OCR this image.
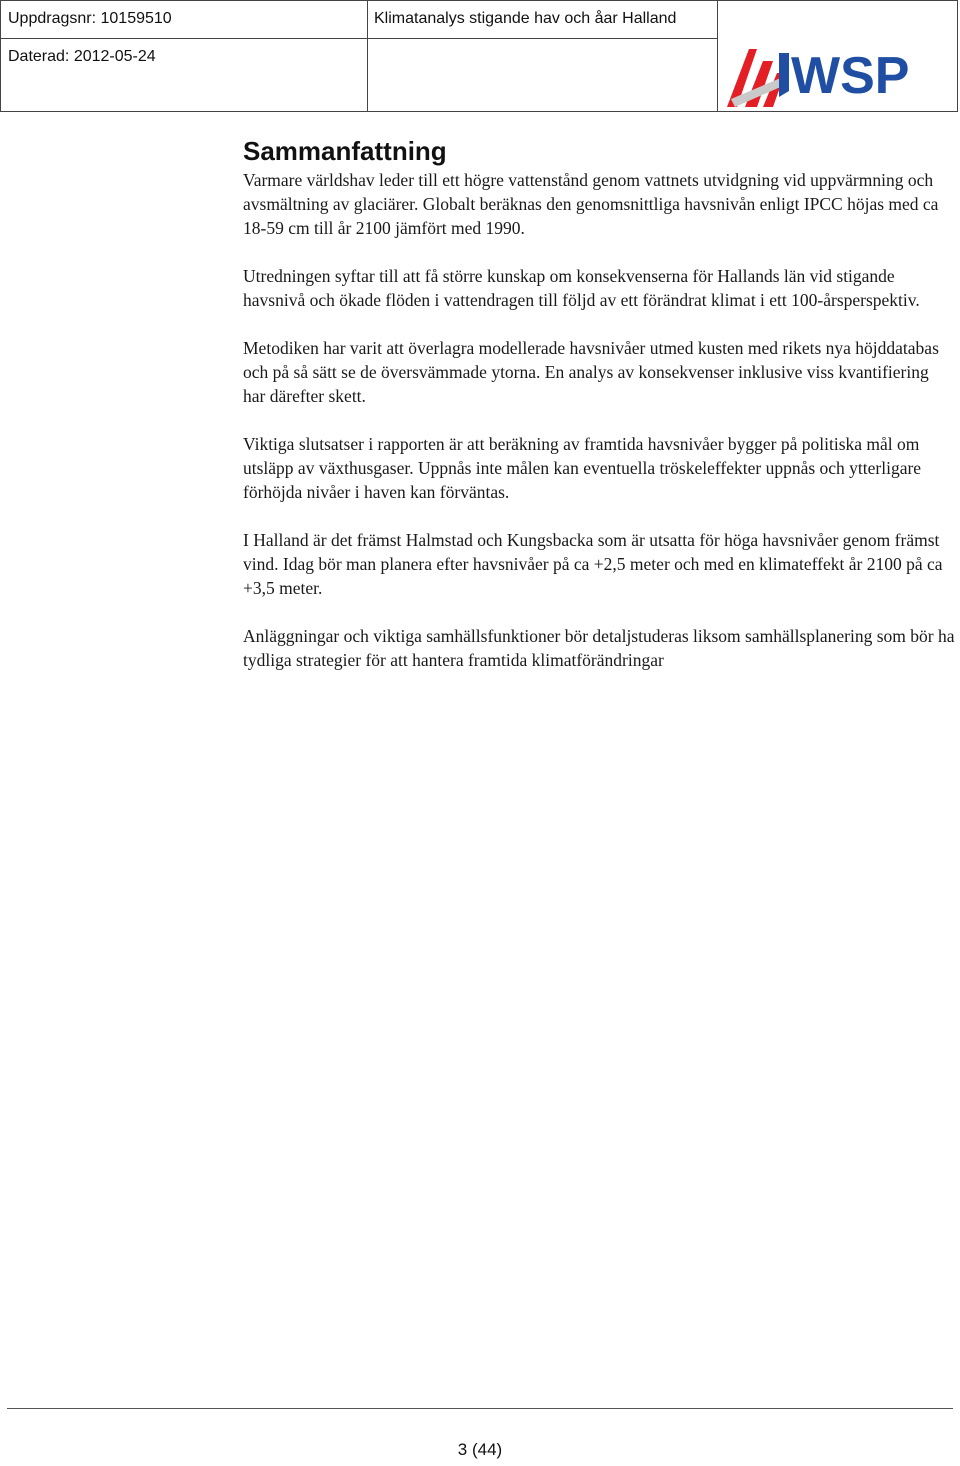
Uppdragsnr: 10159510	Klimatanalys stigande hav och åar Halland
Daterad: 2012-05-24	WSP
Sammanfattning

Varmare världshav leder till ett högre vattenstånd genom vattnets utvidgning vid uppvärmning och avsmältning av glaciärer. Globalt beräknas den genomsnittliga havsnivån enligt IPCC höjas med ca 18-59 cm till år 2100 jämfört med 1990.

Utredningen syftar till att få större kunskap om konsekvenserna för Hallands län vid stigande havsnivå och ökade flöden i vattendragen till följd av ett förändrat klimat i ett 100-årsperspektiv.

Metodiken har varit att överlagra modellerade havsnivåer utmed kusten med rikets nya höjddatabas och på så sätt se de översvämmade ytorna. En analys av konsekvenser inklusive viss kvantifiering har därefter skett.

Viktiga slutsatser i rapporten är att beräkning av framtida havsnivåer bygger på politiska mål om utsläpp av växthusgaser. Uppnås inte målen kan eventuella tröskeleffekter uppnås och ytterligare förhöjda nivåer i haven kan förväntas.

I Halland är det främst Halmstad och Kungsbacka som är utsatta för höga havsnivåer genom främst vind. Idag bör man planera efter havsnivåer på ca +2,5 meter och med en klimateffekt år 2100 på ca +3,5 meter.

Anläggningar och viktiga samhällsfunktioner bör detaljstuderas liksom samhällsplanering som bör ha tydliga strategier för att hantera framtida klimatförändringar

3 (44)
